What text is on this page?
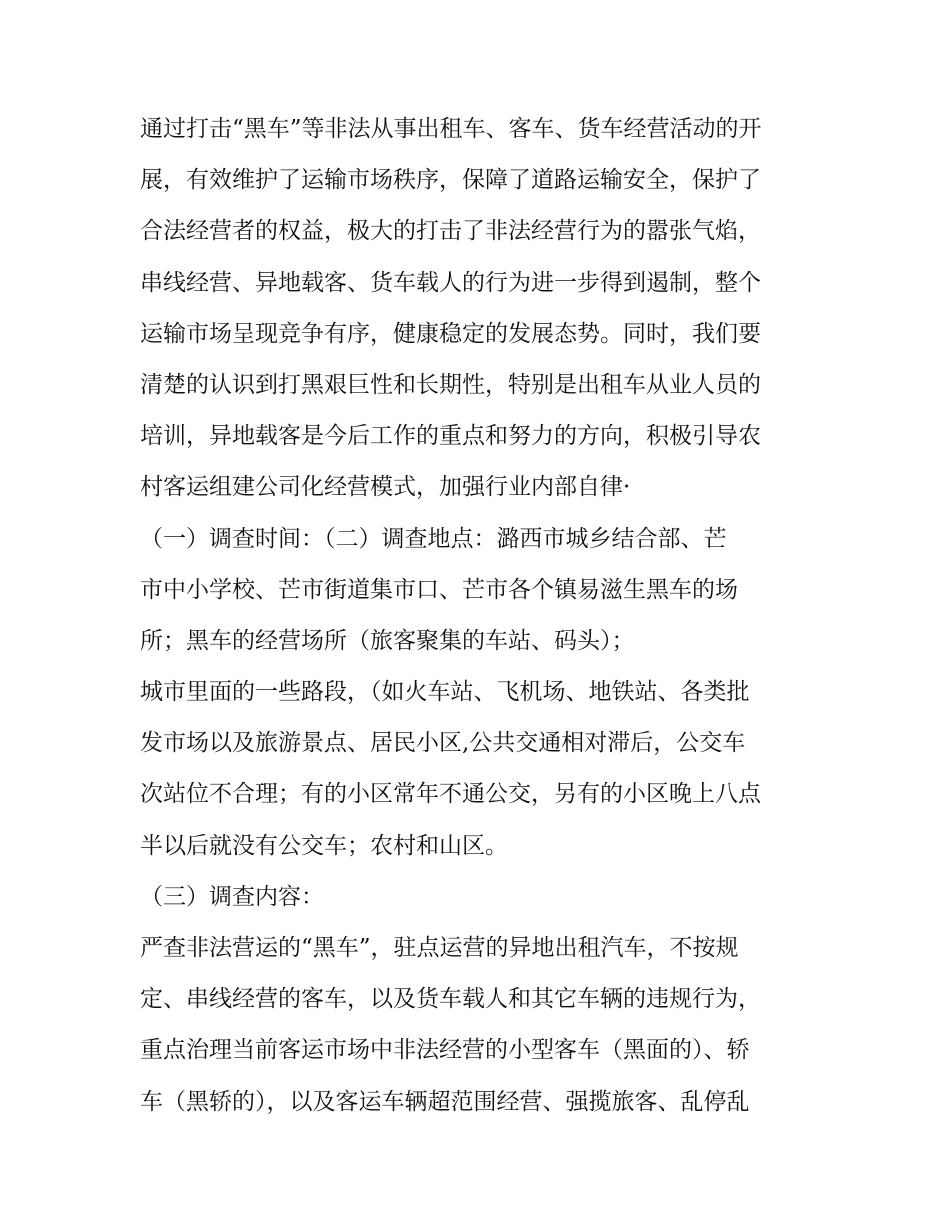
通过打击“黑车”等非法从事出租车、客车、货车经营活动的开
展，有效维护了运输市场秩序，保障了道路运输安全，保护了
合法经营者的权益，极大的打击了非法经营行为的嚣张气焰，
串线经营、异地载客、货车载人的行为进一步得到遏制，整个
运输市场呈现竞争有序，健康稳定的发展态势。同时，我们要
清楚的认识到打黑艰巨性和长期性，特别是出租车从业人员的
培训，异地载客是今后工作的重点和努力的方向，积极引导农
村客运组建公司化经营模式，加强行业内部自律·
（一）调查时间：（二）调查地点：潞西市城乡结合部、芒
市中小学校、芒市街道集市口、芒市各个镇易滋生黑车的场
所；黑车的经营场所（旅客聚集的车站、码头）；
城市里面的一些路段，（如火车站、飞机场、地铁站、各类批
发市场以及旅游景点、居民小区,公共交通相对滞后，公交车
次站位不合理；有的小区常年不通公交，另有的小区晚上八点
半以后就没有公交车；农村和山区。
（三）调查内容：
严查非法营运的“黑车”，驻点运营的异地出租汽车，不按规
定、串线经营的客车，以及货车载人和其它车辆的违规行为，
重点治理当前客运市场中非法经营的小型客车（黑面的）、轿
车（黑轿的），以及客运车辆超范围经营、强揽旅客、乱停乱
